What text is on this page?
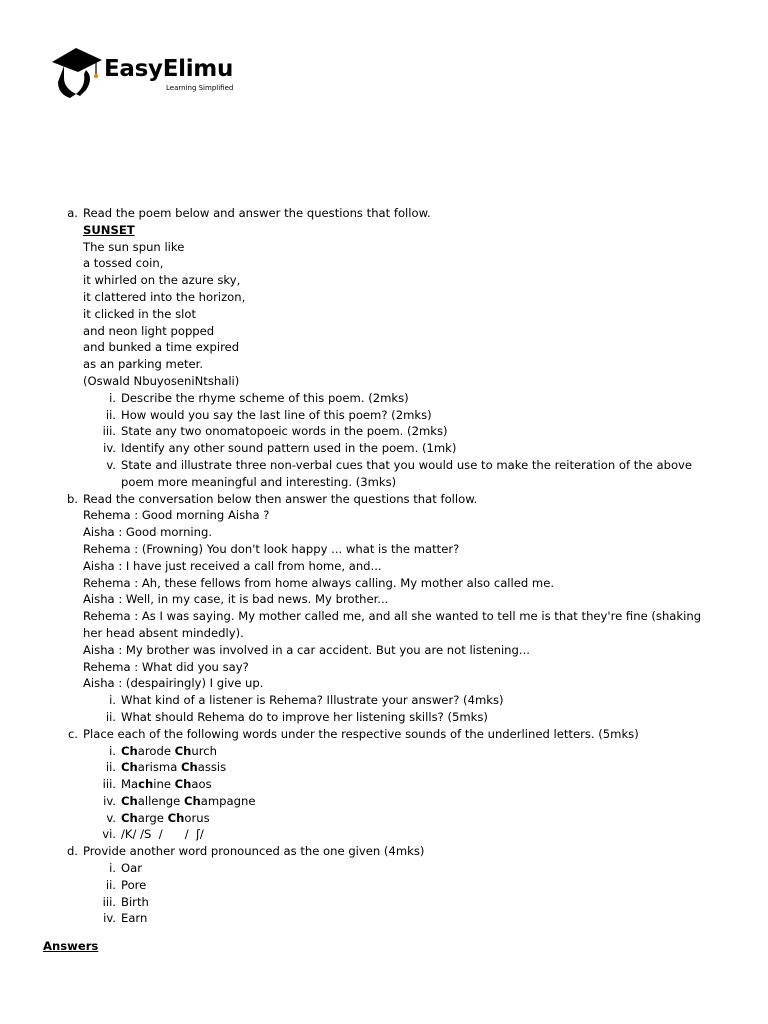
EasyElimu
Learning Simplified
a. Read the poem below and answer the questions that follow.
SUNSET
The sun spun like
a tossed coin,
it whirled on the azure sky,
it clattered into the horizon,
it clicked in the slot
and neon light popped
and bunked a time expired
as an parking meter.
(Oswald NbuyoseniNtshali)
i. Describe the rhyme scheme of this poem. (2mks)
ii. How would you say the last line of this poem? (2mks)
iii. State any two onomatopoeic words in the poem. (2mks)
iv. Identify any other sound pattern used in the poem. (1mk)
v. State and illustrate three non-verbal cues that you would use to make the reiteration of the above
poem more meaningful and interesting. (3mks)
b. Read the conversation below then answer the questions that follow.
Rehema : Good morning Aisha ?
Aisha : Good morning.
Rehema : (Frowning) You don't look happy ... what is the matter?
Aisha : I have just received a call from home, and...
Rehema : Ah, these fellows from home always calling. My mother also called me.
Aisha : Well, in my case, it is bad news. My brother...
Rehema : As I was saying. My mother called me, and all she wanted to tell me is that they're fine (shaking
her head absent mindedly).
Aisha : My brother was involved in a car accident. But you are not listening...
Rehema : What did you say?
Aisha : (despairingly) I give up.
i. What kind of a listener is Rehema? Illustrate your answer? (4mks)
ii. What should Rehema do to improve her listening skills? (5mks)
c. Place each of the following words under the respective sounds of the underlined letters. (5mks)
i. Charode Church
ii. Charisma Chassis
iii. Machine Chaos
iv. Challenge Champagne
v. Charge Chorus
vi. /K/ /S  /      /  ʃ/
d. Provide another word pronounced as the one given (4mks)
i. Oar
ii. Pore
iii. Birth
iv. Earn
Answers
